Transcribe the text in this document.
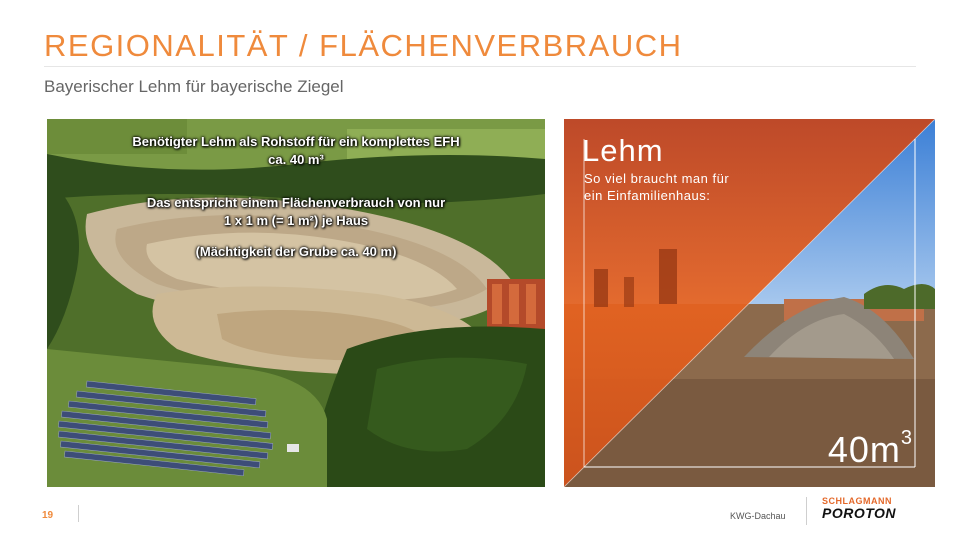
REGIONALITÄT / FLÄCHENVERBRAUCH
Bayerischer Lehm für bayerische Ziegel
Benötigter Lehm als Rohstoff für ein komplettes EFH
ca. 40 m³
Das entspricht einem Flächenverbrauch von nur
1 x 1 m (= 1 m²) je Haus
(Mächtigkeit der Grube ca. 40 m)
Lehm
So viel braucht man für
ein Einfamilienhaus:
$40m^3$
19	KWG-Dachau
SCHLAGMANN
POROTON
